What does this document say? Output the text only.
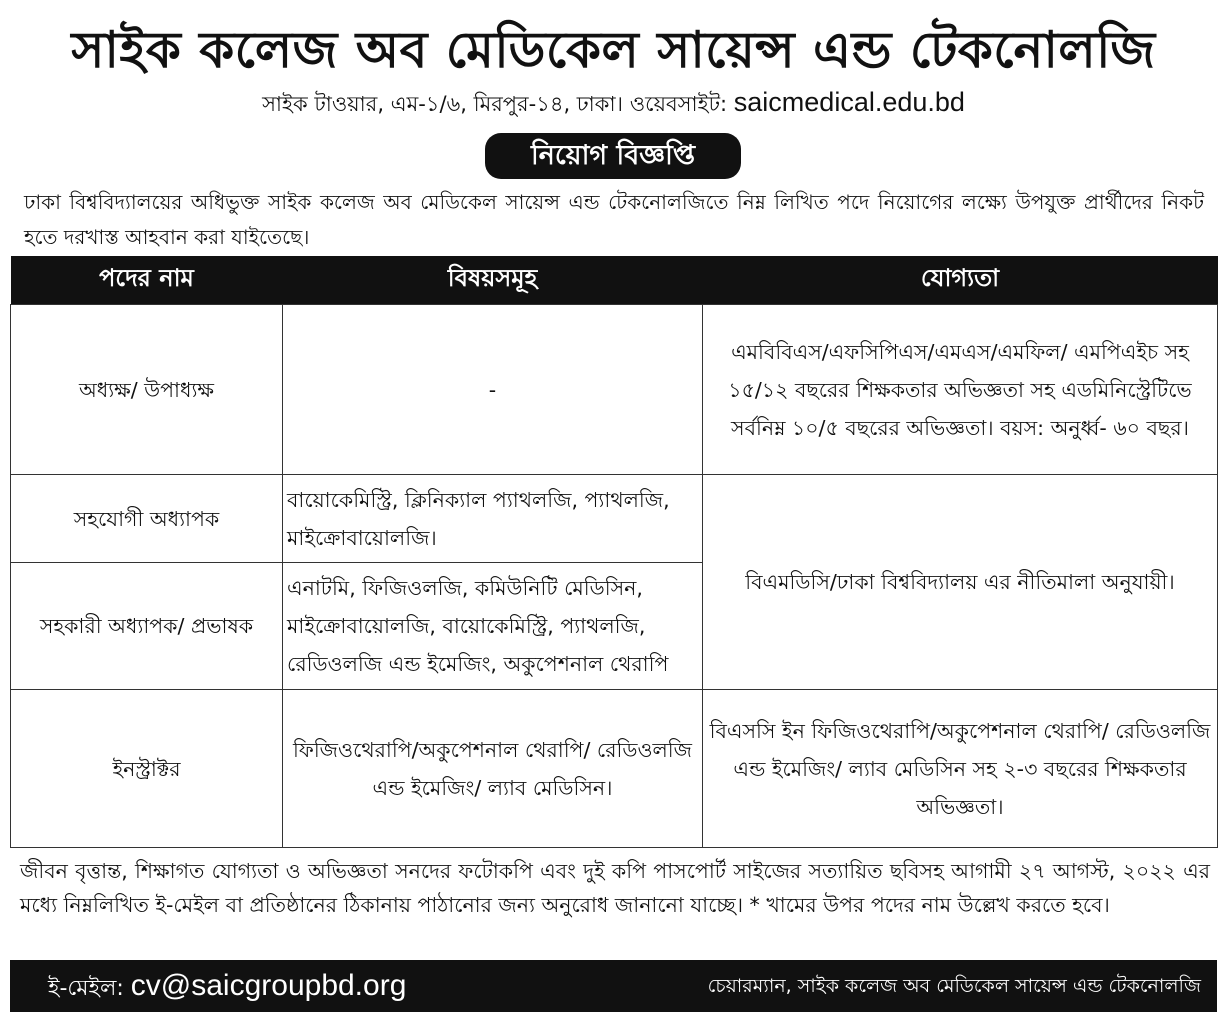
সাইক কলেজ অব মেডিকেল সায়েন্স এন্ড টেকনোলজি
সাইক টাওয়ার, এম-১/৬, মিরপুর-১৪, ঢাকা। ওয়েবসাইট: saicmedical.edu.bd
নিয়োগ বিজ্ঞপ্তি
ঢাকা বিশ্ববিদ্যালয়ের অধিভুক্ত সাইক কলেজ অব মেডিকেল সায়েন্স এন্ড টেকনোলজিতে নিম্ন লিখিত পদে নিয়োগের লক্ষ্যে উপযুক্ত প্রার্থীদের নিকট হতে দরখাস্ত আহবান করা যাইতেছে।
পদের নাম	বিষয়সমূহ	যোগ্যতা
অধ্যক্ষ/ উপাধ্যক্ষ	-	এমবিবিএস/এফসিপিএস/এমএস/এমফিল/ এমপিএইচ সহ ১৫/১২ বছরের শিক্ষকতার অভিজ্ঞতা সহ এডমিনিস্ট্রেটিভে সর্বনিম্ন ১০/৫ বছরের অভিজ্ঞতা। বয়স: অনুর্ধ্ব- ৬০ বছর।
সহযোগী অধ্যাপক	বায়োকেমিস্ট্রি, ক্লিনিক্যাল প্যাথলজি, প্যাথলজি, মাইক্রোবায়োলজি।	বিএমডিসি/ঢাকা বিশ্ববিদ্যালয় এর নীতিমালা অনুযায়ী।
সহকারী অধ্যাপক/ প্রভাষক	এনাটমি, ফিজিওলজি, কমিউনিটি মেডিসিন, মাইক্রোবায়োলজি, বায়োকেমিস্ট্রি, প্যাথলজি, রেডিওলজি এন্ড ইমেজিং, অকুপেশনাল থেরাপি	
ইনস্ট্রাক্টর	ফিজিওথেরাপি/অকুপেশনাল থেরাপি/ রেডিওলজি এন্ড ইমেজিং/ ল্যাব মেডিসিন।	বিএসসি ইন ফিজিওথেরাপি/অকুপেশনাল থেরাপি/ রেডিওলজি এন্ড ইমেজিং/ ল্যাব মেডিসিন সহ ২-৩ বছরের শিক্ষকতার অভিজ্ঞতা।
জীবন বৃত্তান্ত, শিক্ষাগত যোগ্যতা ও অভিজ্ঞতা সনদের ফটোকপি এবং দুই কপি পাসপোর্ট সাইজের সত্যায়িত ছবিসহ আগামী ২৭ আগস্ট, ২০২২ এর মধ্যে নিম্নলিখিত ই-মেইল বা প্রতিষ্ঠানের ঠিকানায় পাঠানোর জন্য অনুরোধ জানানো যাচ্ছে। * খামের উপর পদের নাম উল্লেখ করতে হবে।
ই-মেইল: cv@saicgroupbd.org	চেয়ারম্যান, সাইক কলেজ অব মেডিকেল সায়েন্স এন্ড টেকনোলজি
